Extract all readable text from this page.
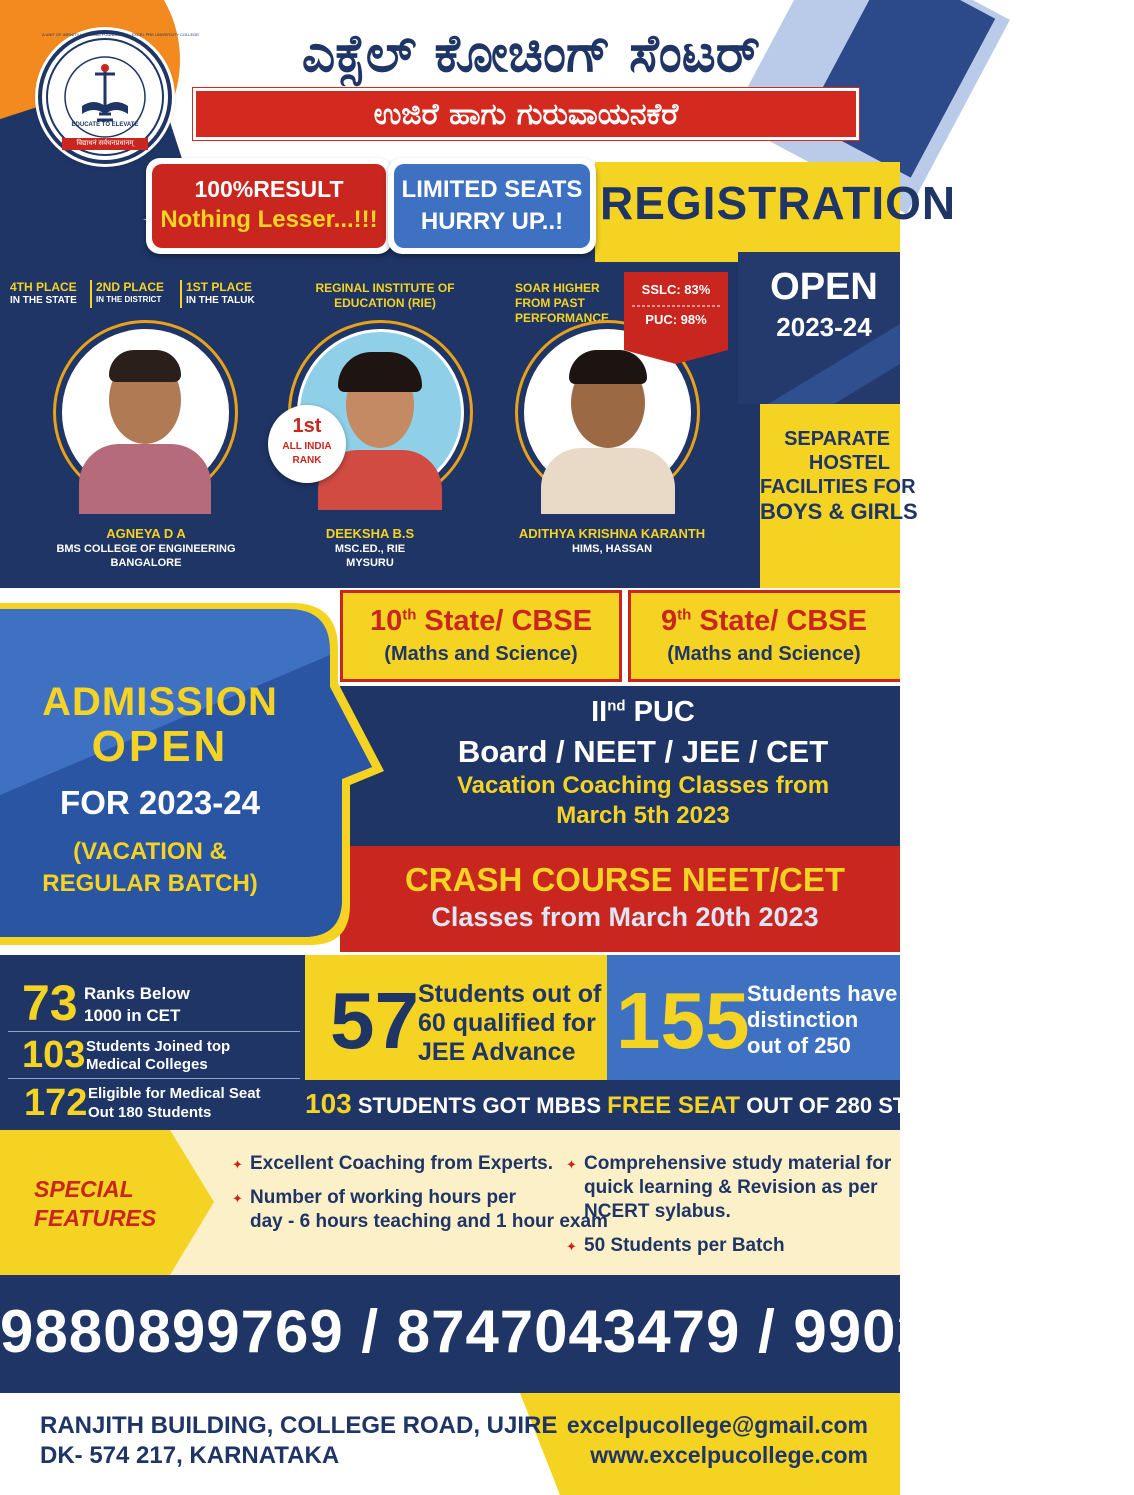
A UNIT OF INFINITY LEARNING FOUNDATION · EXCEL PRE UNIVERSITY COLLEGE
EDUCATE TO ELEVATE
विद्याधनं सर्वधनप्रधानम्
ಎಕ್ಸೆಲ್ ಕೋಚಿಂಗ್ ಸೆಂಟರ್
ಉಜಿರೆ ಹಾಗು ಗುರುವಾಯನಕೆರೆ
REGISTRATION
OPEN
2023-24
SEPARATE
HOSTEL
FACILITIES FOR
BOYS & GIRLS
100%RESULT
Nothing Lesser...!!!
LIMITED SEATS
HURRY UP..!
4TH PLACE
IN THE STATE
2ND PLACE
IN THE DISTRICT
1ST PLACE
IN THE TALUK
AGNEYA D A
BMS COLLEGE OF ENGINEERING
BANGALORE
REGINAL INSTITUTE OF
EDUCATION (RIE)
1st
ALL INDIA
RANK
DEEKSHA B.S
MSC.ED., RIE
MYSURU
SOAR HIGHER
FROM PAST
PERFORMANCE
SSLC: 83%
PUC: 98%
ADITHYA KRISHNA KARANTH
HIMS, HASSAN
10th State/ CBSE
(Maths and Science)
9th State/ CBSE
(Maths and Science)
IInd PUC
Board / NEET / JEE / CET
Vacation Coaching Classes from
March 5th 2023
CRASH COURSE NEET/CET
Classes from March 20th 2023
ADMISSION
OPEN
FOR 2023-24
(VACATION &
REGULAR BATCH)
73 Ranks Below
1000 in CET
103 Students Joined top
Medical Colleges
172 Eligible for Medical Seat
Out 180 Students
57 Students out of
60 qualified for
JEE Advance 155
Students have
distinction
out of 250
103 STUDENTS GOT MBBS FREE SEAT OUT OF 280 STUDENTS
SPECIAL
FEATURES
✦ Excellent Coaching from Experts.
✦ Number of working hours per
day - 6 hours teaching and 1 hour exam
✦ Comprehensive study material for
quick learning & Revision as per
NCERT sylabus.
✦ 50 Students per Batch
9880899769 / 8747043479 / 9902284110
RANJITH BUILDING, COLLEGE ROAD, UJIRE
DK- 574 217, KARNATAKA
excelpucollege@gmail.com
www.excelpucollege.com
